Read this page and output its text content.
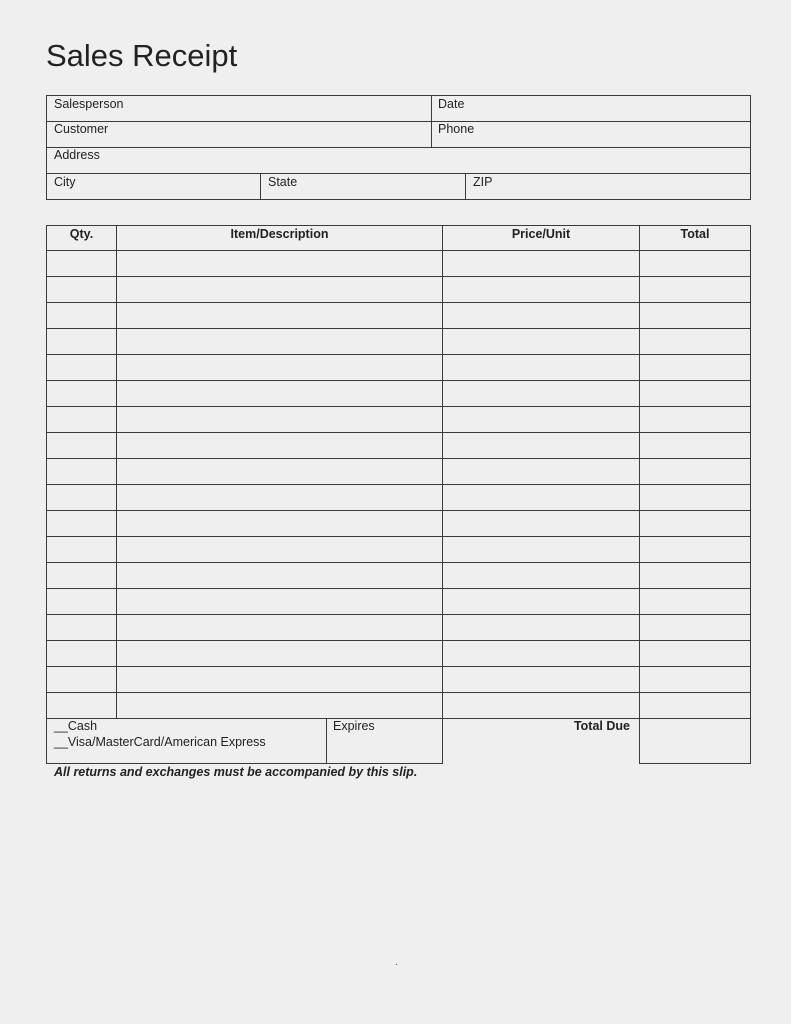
Sales Receipt
Salesperson	Date
Customer	Phone
Address
City	State	ZIP
Qty.	Item/Description	Price/Unit	Total
__Cash
__Visa/MasterCard/American Express
Expires	Total Due
All returns and exchanges must be accompanied by this slip.
.
